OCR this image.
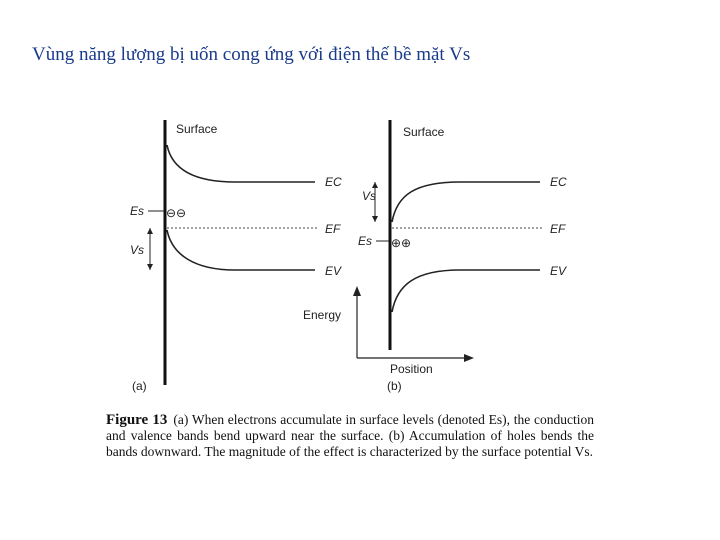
Vùng năng lượng bị uốn cong ứng với điện thế bề mặt Vs
Surface
EC
EF
EV
Es ⊖⊖
Vs
(a)
Surface
EC
EF
EV
Vs
Es ⊕⊕
Energy
Position
(b)
Figure 13 (a) When electrons accumulate in surface levels (denoted Es), the conduction and valence bands bend upward near the surface. (b) Accumulation of holes bends the bands downward. The magnitude of the effect is characterized by the surface potential Vs.
